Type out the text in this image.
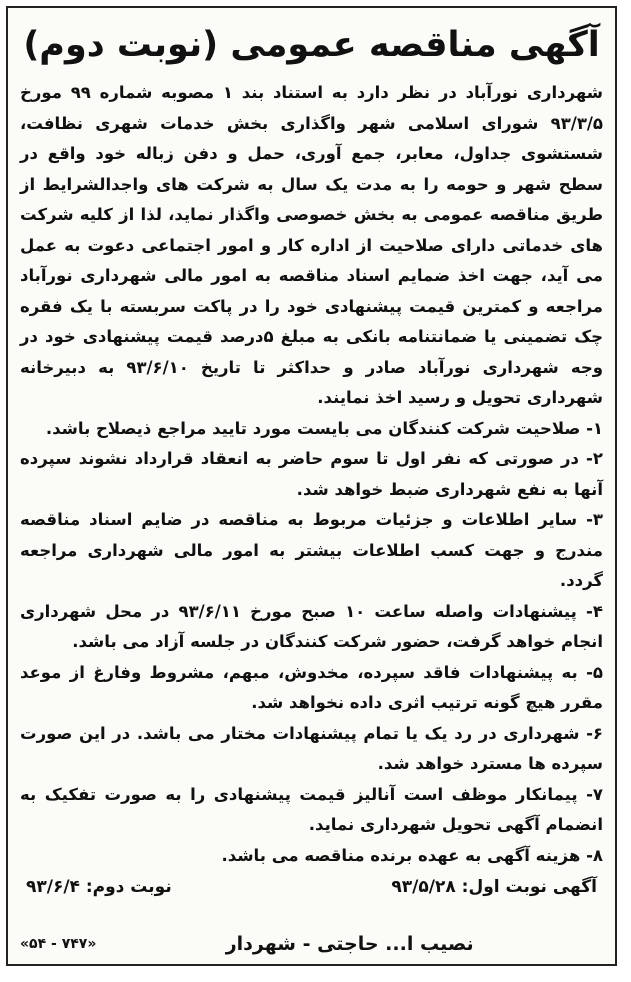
آگهی مناقصه عمومی (نوبت دوم)

شهرداری نورآباد در نظر دارد به استناد بند ۱ مصوبه شماره ۹۹ مورخ ۹۳/۳/۵ شورای اسلامی شهر واگذاری بخش خدمات شهری نظافت، شستشوی جداول، معابر، جمع آوری، حمل و دفن زباله خود واقع در سطح شهر و حومه را به مدت یک سال به شرکت های واجدالشرایط از طریق مناقصه عمومی به بخش خصوصی واگذار نماید، لذا از کلیه شرکت های خدماتی دارای صلاحیت از اداره کار و امور اجتماعی دعوت به عمل می آید، جهت اخذ ضمایم اسناد مناقصه به امور مالی شهرداری نورآباد مراجعه و کمترین قیمت پیشنهادی خود را در پاکت سربسته با یک فقره چک تضمینی یا ضمانتنامه بانکی به مبلغ ۵درصد قیمت پیشنهادی خود در وجه شهرداری نورآباد صادر و حداکثر تا تاریخ ۹۳/۶/۱۰ به دبیرخانه شهرداری تحویل و رسید اخذ نمایند.

۱- صلاحیت شرکت کنندگان می بایست مورد تایید مراجع ذیصلاح باشد.

۲- در صورتی که نفر اول تا سوم حاضر به انعقاد قرارداد نشوند سپرده آنها به نفع شهرداری ضبط خواهد شد.

۳- سایر اطلاعات و جزئیات مربوط به مناقصه در ضایم اسناد مناقصه مندرج و جهت کسب اطلاعات بیشتر به امور مالی شهرداری مراجعه گردد.

۴- پیشنهادات واصله ساعت ۱۰ صبح مورخ ۹۳/۶/۱۱ در محل شهرداری انجام خواهد گرفت، حضور شرکت کنندگان در جلسه آزاد می باشد.

۵- به پیشنهادات فاقد سپرده، مخدوش، مبهم، مشروط وفارغ از موعد مقرر هیچ گونه ترتیب اثری داده نخواهد شد.

۶- شهرداری در رد یک یا تمام پیشنهادات مختار می باشد. در این صورت سپرده ها مسترد خواهد شد.

۷- پیمانکار موظف است آنالیز قیمت پیشنهادی را به صورت تفکیک به انضمام آگهی تحویل شهرداری نماید.

۸- هزینه آگهی به عهده برنده مناقصه می باشد.

آگهی نوبت اول: ۹۳/۵/۲۸
نوبت دوم: ۹۳/۶/۴
نصیب ا... حاجتی - شهردار
«۷۴۷ - ۵۴»
